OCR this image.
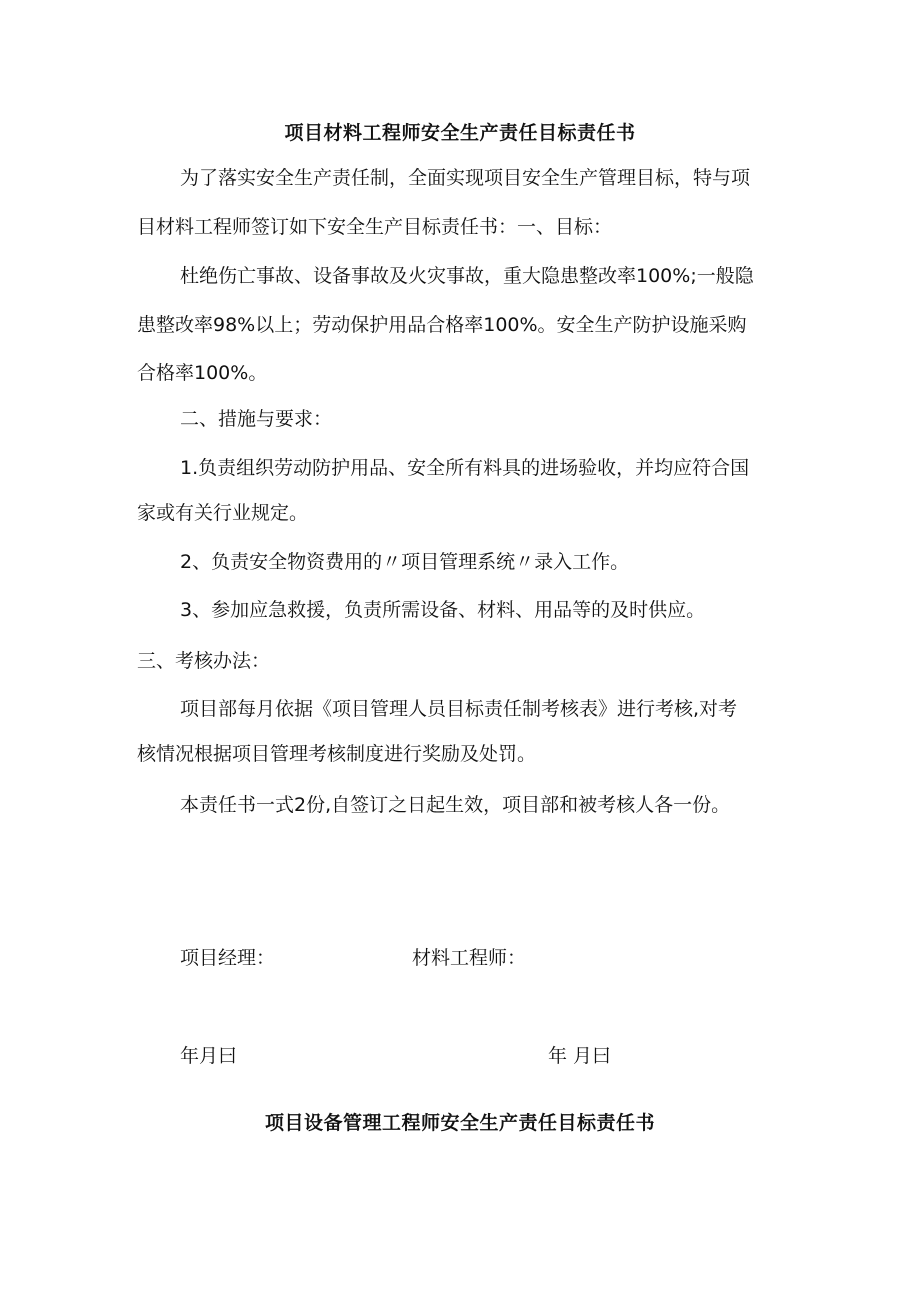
项目材料工程师安全生产责任目标责任书
为了落实安全生产责任制，全面实现项目安全生产管理目标，特与项
目材料工程师签订如下安全生产目标责任书：一、目标：
杜绝伤亡事故、设备事故及火灾事故，重大隐患整改率100%;一般隐
患整改率98%以上；劳动保护用品合格率100%。安全生产防护设施采购
合格率100%。
二、措施与要求：
1.负责组织劳动防护用品、安全所有料具的进场验收，并均应符合国
家或有关行业规定。
2、负责安全物资费用的〃项目管理系统〃录入工作。
3、参加应急救援，负责所需设备、材料、用品等的及时供应。
三、考核办法：
项目部每月依据《项目管理人员目标责任制考核表》进行考核,对考
核情况根据项目管理考核制度进行奖励及处罚。
本责任书一式2份,自签订之日起生效，项目部和被考核人各一份。
项目经理：	材料工程师：
年月曰	年 月曰
项目设备管理工程师安全生产责任目标责任书
